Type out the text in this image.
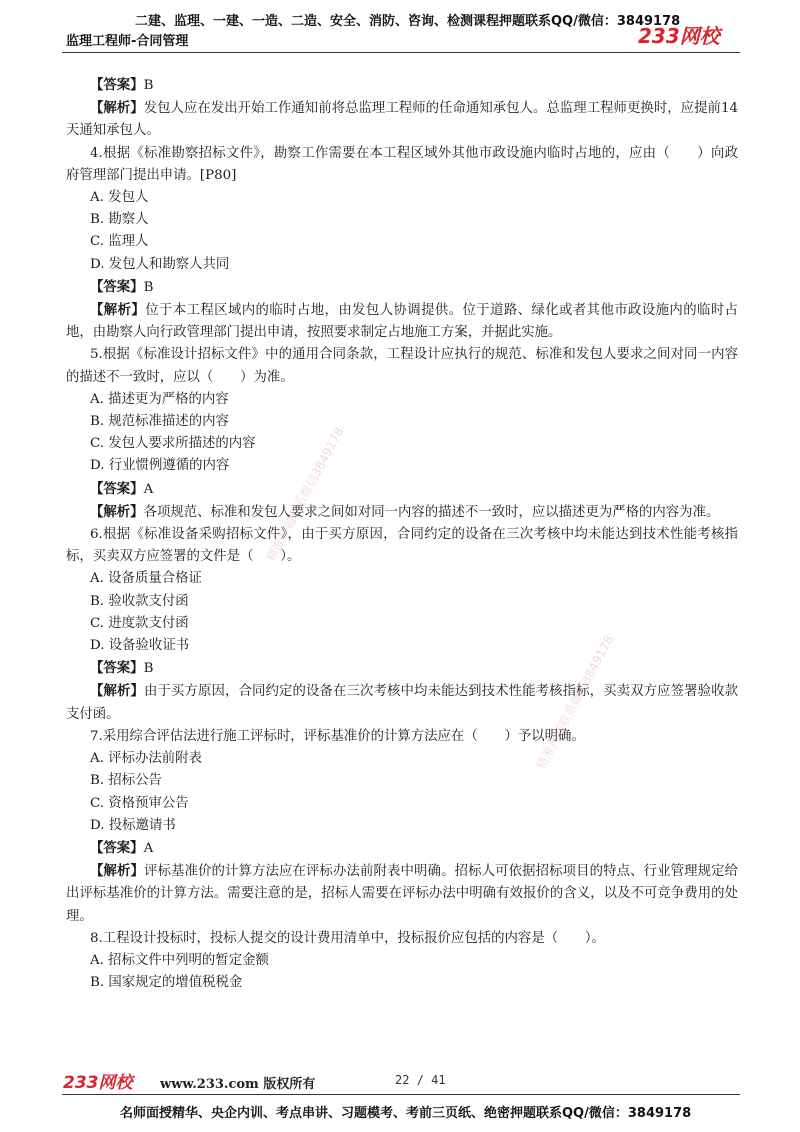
二建、监理、一建、一造、二造、安全、消防、咨询、检测课程押题联系QQ/微信：3849178
监理工程师-合同管理	233网校

【答案】B

【解析】发包人应在发出开始工作通知前将总监理工程师的任命通知承包人。总监理工程师更换时，应提前14天通知承包人。

4.根据《标准勘察招标文件》，勘察工作需要在本工程区域外其他市政设施内临时占地的，应由（　　）向政府管理部门提出申请。[P80]

A. 发包人

B. 勘察人

C. 监理人

D. 发包人和勘察人共同

【答案】B

【解析】位于本工程区域内的临时占地，由发包人协调提供。位于道路、绿化或者其他市政设施内的临时占地，由勘察人向行政管理部门提出申请，按照要求制定占地施工方案，并据此实施。

5.根据《标准设计招标文件》中的通用合同条款，工程设计应执行的规范、标准和发包人要求之间对同一内容的描述不一致时，应以（　　）为准。

A. 描述更为严格的内容

B. 规范标准描述的内容

C. 发包人要求所描述的内容

D. 行业惯例遵循的内容

【答案】A

【解析】各项规范、标准和发包人要求之间如对同一内容的描述不一致时，应以描述更为严格的内容为准。

6.根据《标准设备采购招标文件》，由于买方原因，合同约定的设备在三次考核中均未能达到技术性能考核指标，买卖双方应签署的文件是（　　）。

A. 设备质量合格证

B. 验收款支付函

C. 进度款支付函

D. 设备验收证书

【答案】B

【解析】由于买方原因，合同约定的设备在三次考核中均未能达到技术性能考核指标，买卖双方应签署验收款支付函。

7.采用综合评估法进行施工评标时，评标基准价的计算方法应在（　　）予以明确。

A. 评标办法前附表

B. 招标公告

C. 资格预审公告

D. 投标邀请书

【答案】A

【解析】评标基准价的计算方法应在评标办法前附表中明确。招标人可依据招标项目的特点、行业管理规定给出评标基准价的计算方法。需要注意的是，招标人需要在评标办法中明确有效报价的含义，以及不可竞争费用的处理。

8.工程设计投标时，投标人提交的设计费用清单中，投标报价应包括的内容是（　　）。

A. 招标文件中列明的暂定金额

B. 国家规定的增值税税金

精准押题联系微信3849178
精准押题联系微信3849178
233网校 www.233.com 版权所有	22 / 41
名师面授精华、央企内训、考点串讲、习题模考、考前三页纸、绝密押题联系QQ/微信：3849178
